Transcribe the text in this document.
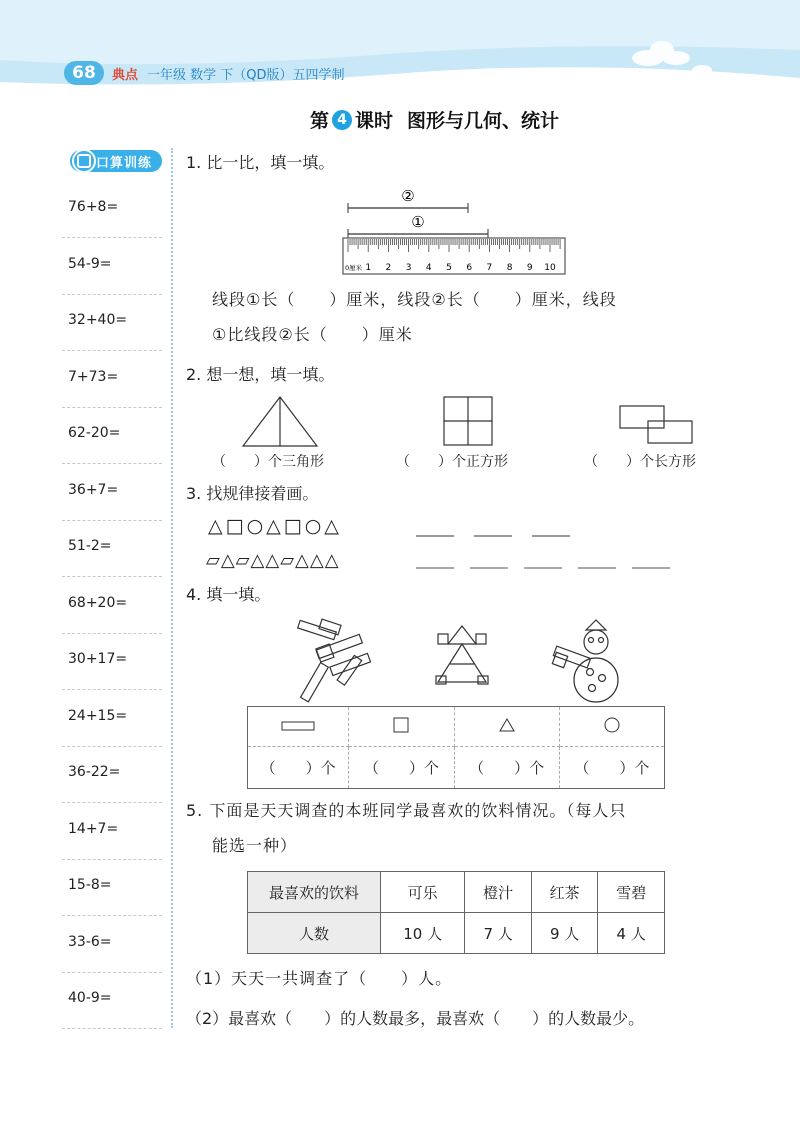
68	典点 一年级 数学 下（QD版）五四学制
第 4 课时 图形与几何、统计
口算训练
76+8=
54-9=
32+40=
7+73=
62-20=
36+7=
51-2=
68+20=
30+17=
24+15=
36-22=
14+7=
15-8=
33-6=
40-9=
1. 比一比，填一填。
②
①
0厘米 1 2 3 4 5 6 7 8 9 10
线段①长（　　）厘米，线段②长（　　）厘米，线段
①比线段②长（　　）厘米
2. 想一想，填一填。
（　　）个三角形	（　　）个正方形	（　　）个长方形
3. 找规律接着画。
△□○△□○△
▱△▱△△▱△△△
4. 填一填。

（　　）个	（　　）个	（　　）个	（　　）个
5. 下面是天天调查的本班同学最喜欢的饮料情况。（每人只
能选一种）
最喜欢的饮料	可乐	橙汁	红茶	雪碧
人数	10 人	7 人	9 人	4 人
（1）天天一共调查了（　　）人。
（2）最喜欢（　　）的人数最多，最喜欢（　　）的人数最少。
